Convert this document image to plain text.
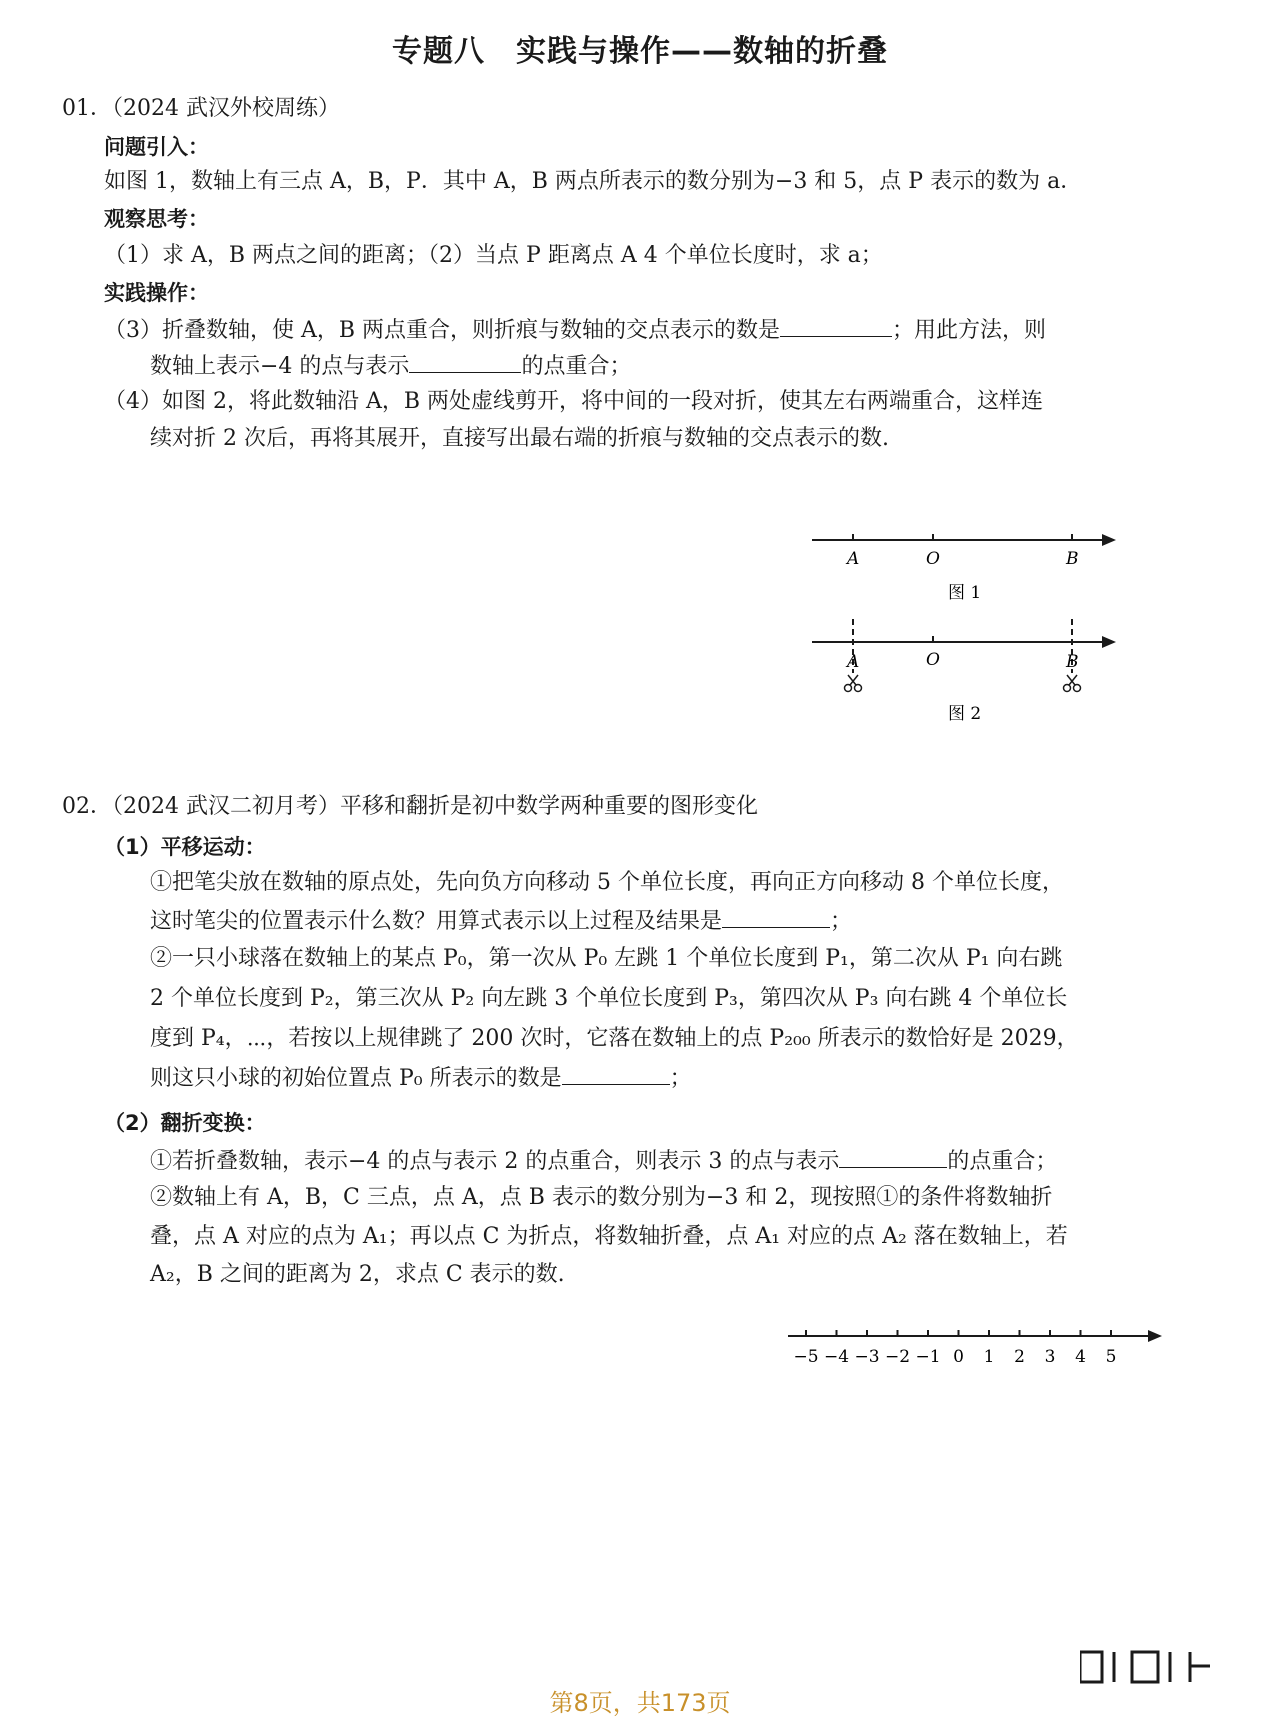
专题八　实践与操作——数轴的折叠
01．（2024 武汉外校周练）
问题引入：
如图 1，数轴上有三点 A，B，P．其中 A，B 两点所表示的数分别为−3 和 5，点 P 表示的数为 a．
观察思考：
（1）求 A，B 两点之间的距离；（2）当点 P 距离点 A 4 个单位长度时，求 a；
实践操作：
（3）折叠数轴，使 A，B 两点重合，则折痕与数轴的交点表示的数是	；用此方法，则
数轴上表示−4 的点与表示	的点重合；
（4）如图 2，将此数轴沿 A，B 两处虚线剪开，将中间的一段对折，使其左右两端重合，这样连
续对折 2 次后，再将其展开，直接写出最右端的折痕与数轴的交点表示的数.
A	O	B
图 1
A	O	B
图 2
02．（2024 武汉二初月考）平移和翻折是初中数学两种重要的图形变化
（1）平移运动：
①把笔尖放在数轴的原点处，先向负方向移动 5 个单位长度，再向正方向移动 8 个单位长度，
这时笔尖的位置表示什么数？用算式表示以上过程及结果是	；
②一只小球落在数轴上的某点 P₀，第一次从 P₀ 左跳 1 个单位长度到 P₁，第二次从 P₁ 向右跳
2 个单位长度到 P₂，第三次从 P₂ 向左跳 3 个单位长度到 P₃，第四次从 P₃ 向右跳 4 个单位长
度到 P₄，⋯，若按以上规律跳了 200 次时，它落在数轴上的点 P₂₀₀ 所表示的数恰好是 2029，
则这只小球的初始位置点 P₀ 所表示的数是	；
（2）翻折变换：
①若折叠数轴，表示−4 的点与表示 2 的点重合，则表示 3 的点与表示	的点重合；
②数轴上有 A，B，C 三点，点 A，点 B 表示的数分别为−3 和 2，现按照①的条件将数轴折
叠，点 A 对应的点为 A₁；再以点 C 为折点，将数轴折叠，点 A₁ 对应的点 A₂ 落在数轴上，若
A₂，B 之间的距离为 2，求点 C 表示的数.
−5 −4 −3 −2 −1 0 1 2 3 4 5
第8页，共173页
